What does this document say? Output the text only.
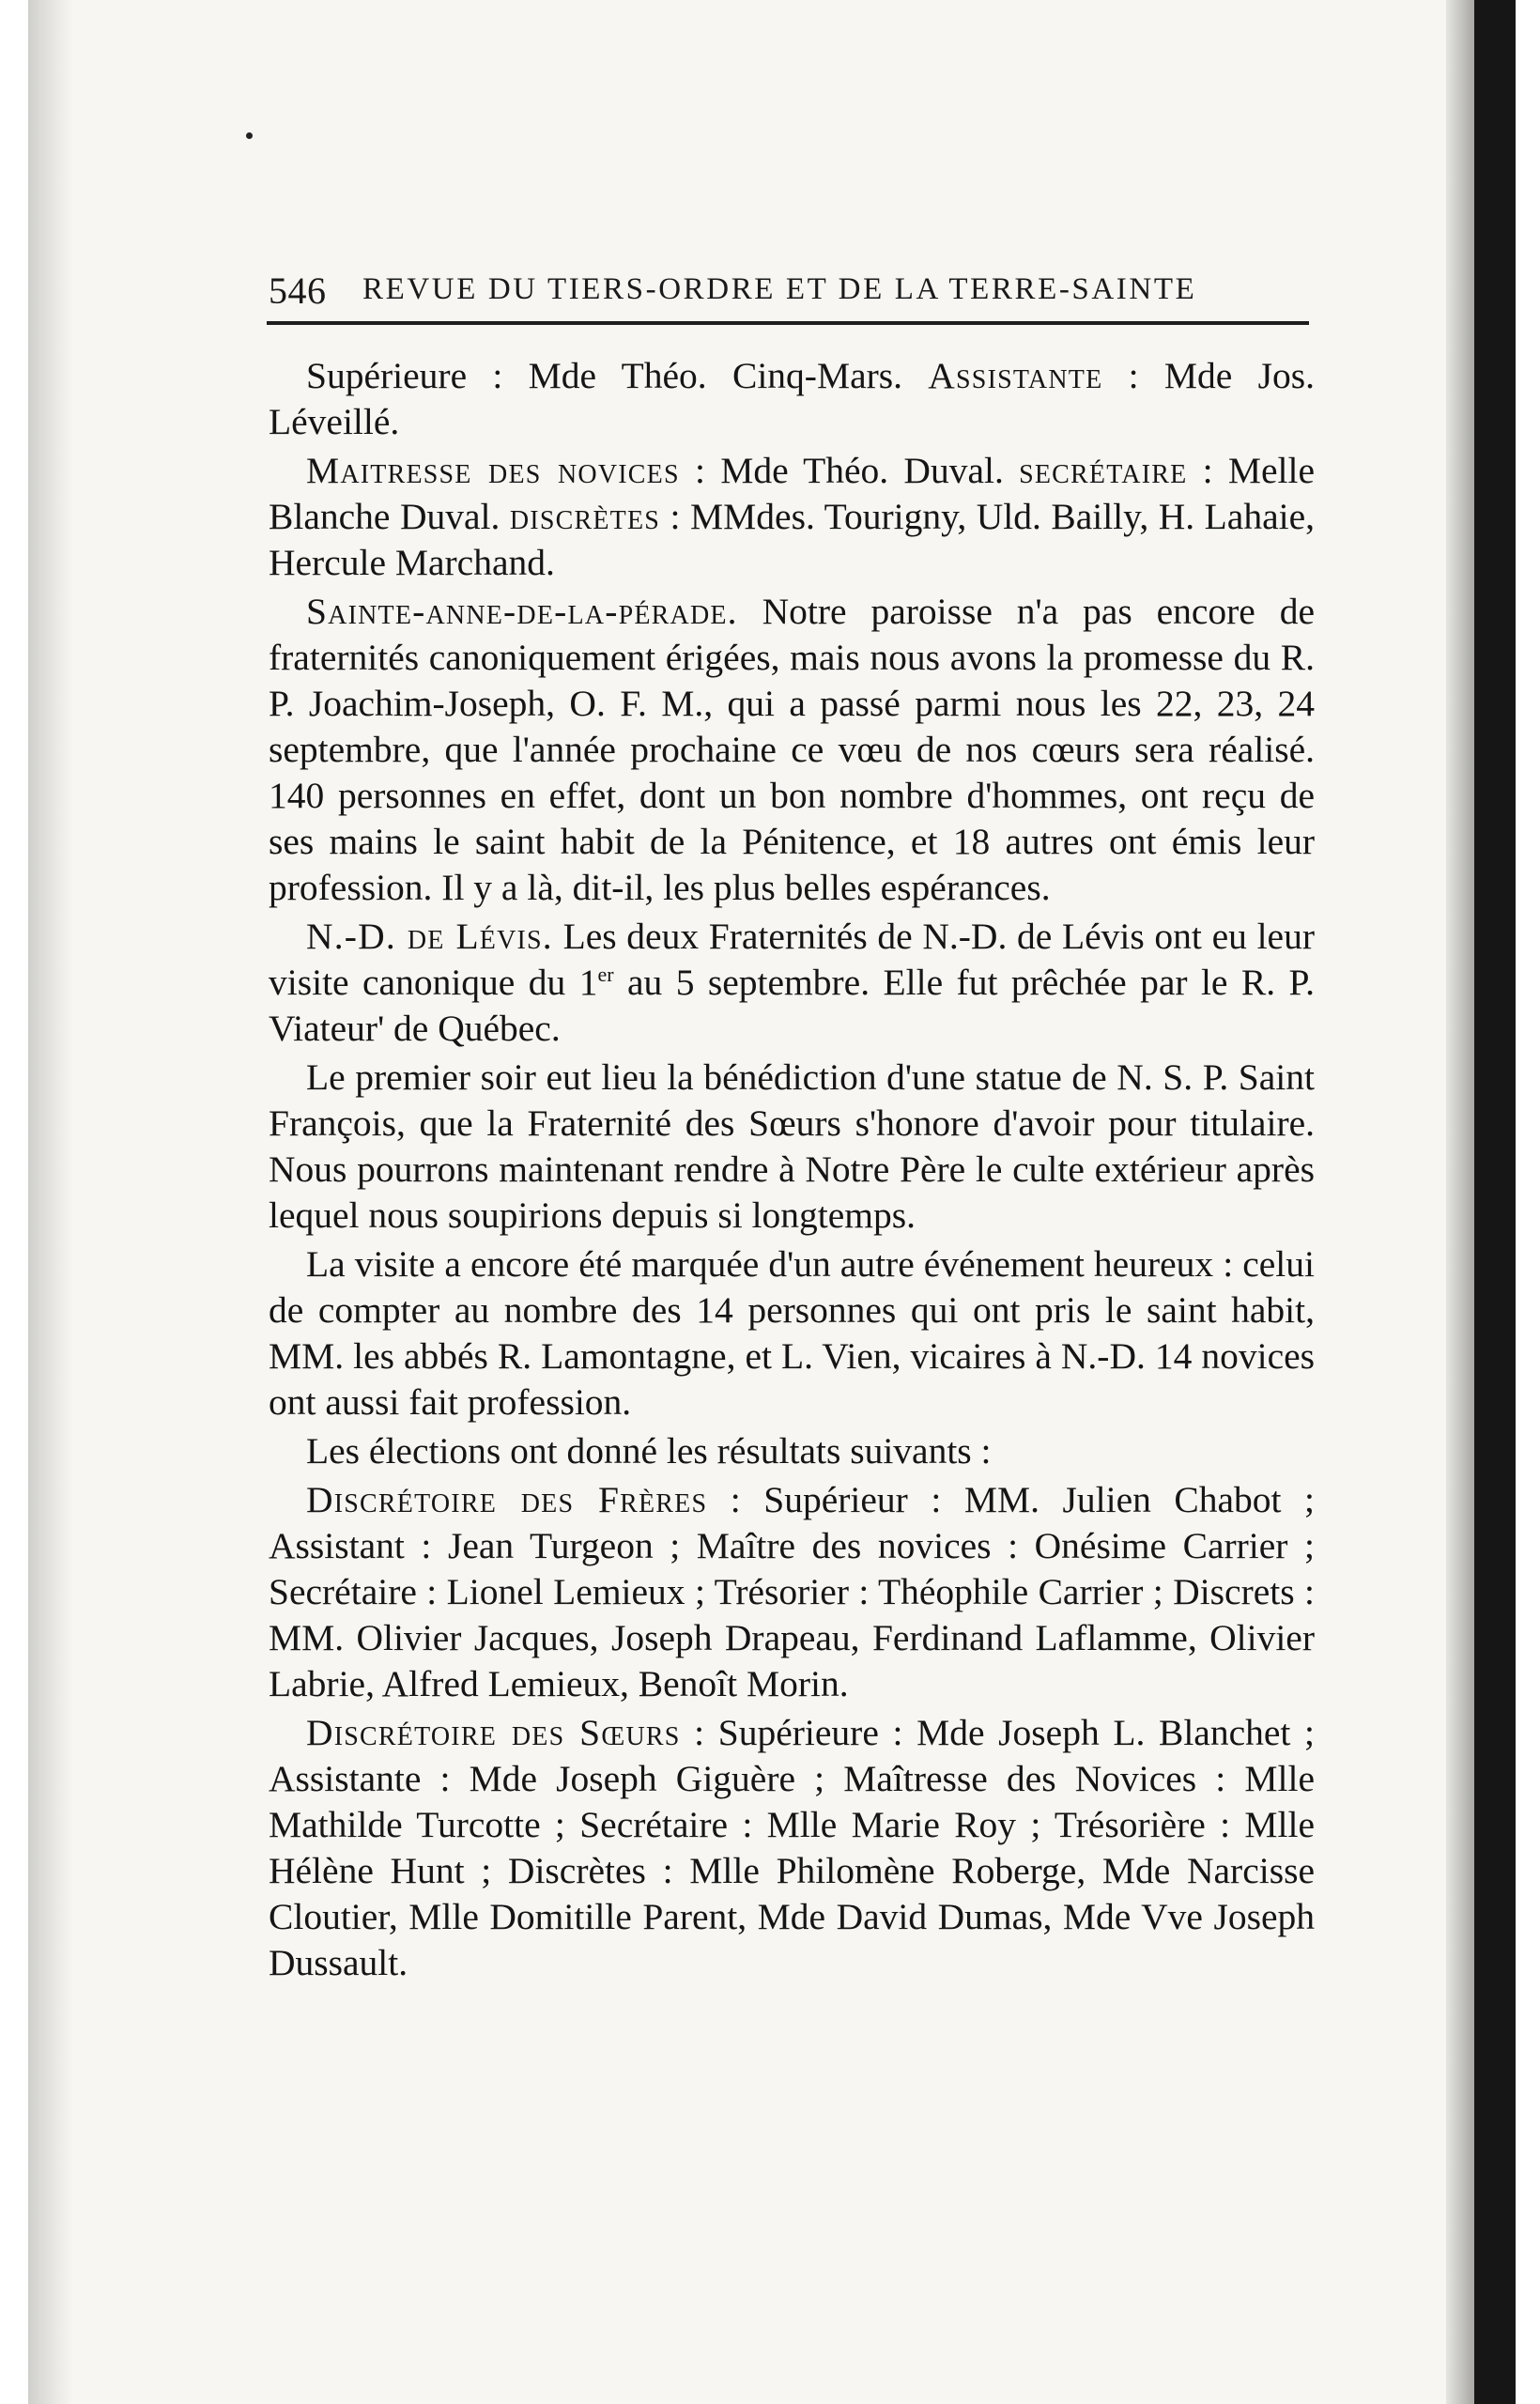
546 REVUE DU TIERS-ORDRE ET DE LA TERRE-SAINTE

Supérieure : Mde Théo. Cinq-Mars. Assistante : Mde Jos. Léveillé.

Maitresse des novices : Mde Théo. Duval. secrétaire : Melle Blanche Duval. discrètes : MMdes. Tourigny, Uld. Bailly, H. Lahaie, Hercule Marchand.

Sainte-anne-de-la-pérade. Notre paroisse n'a pas encore de fraternités canoniquement érigées, mais nous avons la promesse du R. P. Joachim-Joseph, O. F. M., qui a passé parmi nous les 22, 23, 24 septembre, que l'année prochaine ce vœu de nos cœurs sera réalisé. 140 personnes en effet, dont un bon nombre d'hommes, ont reçu de ses mains le saint habit de la Pénitence, et 18 autres ont émis leur profession. Il y a là, dit-il, les plus belles espérances.

N.-D. de Lévis. Les deux Fraternités de N.-D. de Lévis ont eu leur visite canonique du 1er au 5 septembre. Elle fut prêchée par le R. P. Viateur' de Québec.

Le premier soir eut lieu la bénédiction d'une statue de N. S. P. Saint François, que la Fraternité des Sœurs s'honore d'avoir pour titulaire. Nous pourrons maintenant rendre à Notre Père le culte extérieur après lequel nous soupirions depuis si longtemps.

La visite a encore été marquée d'un autre événement heureux : celui de compter au nombre des 14 personnes qui ont pris le saint habit, MM. les abbés R. Lamontagne, et L. Vien, vicaires à N.-D. 14 novices ont aussi fait profession.

Les élections ont donné les résultats suivants :

Discrétoire des Frères : Supérieur : MM. Julien Chabot ; Assistant : Jean Turgeon ; Maître des novices : Onésime Carrier ; Secrétaire : Lionel Lemieux ; Trésorier : Théophile Carrier ; Discrets : MM. Olivier Jacques, Joseph Drapeau, Ferdinand Laflamme, Olivier Labrie, Alfred Lemieux, Benoît Morin.

Discrétoire des Sœurs : Supérieure : Mde Joseph L. Blanchet ; Assistante : Mde Joseph Giguère ; Maîtresse des Novices : Mlle Mathilde Turcotte ; Secrétaire : Mlle Marie Roy ; Trésorière : Mlle Hélène Hunt ; Discrètes : Mlle Philomène Roberge, Mde Narcisse Cloutier, Mlle Domitille Parent, Mde David Dumas, Mde Vve Joseph Dussault.
